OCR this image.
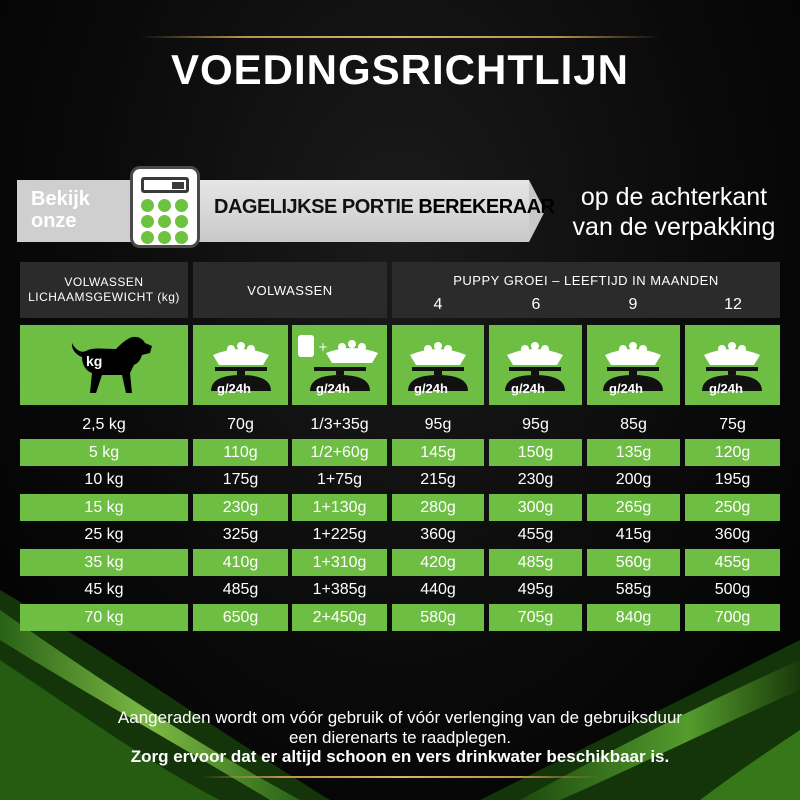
VOEDINGSRICHTLIJN
Bekijk
onze
DAGELIJKSE PORTIE BEREKERAAR	op de achterkant
van de verpakking
VOLWASSEN
LICHAAMSGEWICHT (kg)	VOLWASSEN
PUPPY GROEI – LEEFTIJD IN MAANDEN
4	6	9	12
kg
g/24h
+
g/24h	g/24h	g/24h	g/24h	g/24h
2,5 kg	70g	1/3+35g	95g	95g	85g	75g
5 kg	110g	1/2+60g	145g	150g	135g	120g
10 kg	175g	1+75g	215g	230g	200g	195g
15 kg	230g	1+130g	280g	300g	265g	250g
25 kg	325g	1+225g	360g	455g	415g	360g
35 kg	410g	1+310g	420g	485g	560g	455g
45 kg	485g	1+385g	440g	495g	585g	500g
70 kg	650g	2+450g	580g	705g	840g	700g
Aangeraden wordt om vóór gebruik of vóór verlenging van de gebruiksduur
een dierenarts te raadplegen.
Zorg ervoor dat er altijd schoon en vers drinkwater beschikbaar is.
